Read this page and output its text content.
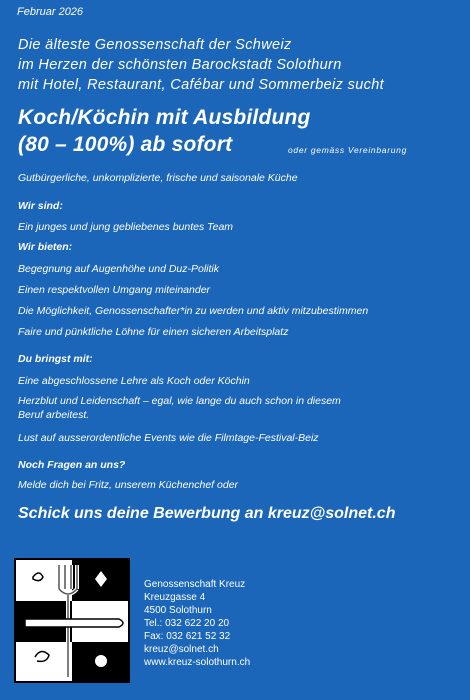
Februar 2026
Die älteste Genossenschaft der Schweiz
im Herzen der schönsten Barockstadt Solothurn
mit Hotel, Restaurant, Cafébar und Sommerbeiz sucht
Koch/Köchin mit Ausbildung
(80 – 100%) ab sofort	oder gemäss Vereinbarung
Gutbürgerliche, unkomplizierte, frische und saisonale Küche
Wir sind:
Ein junges und jung gebliebenes buntes Team
Wir bieten:
Begegnung auf Augenhöhe und Duz-Politik
Einen respektvollen Umgang miteinander
Die Möglichkeit, Genossenschafter*in zu werden und aktiv mitzubestimmen
Faire und pünktliche Löhne für einen sicheren Arbeitsplatz
Du bringst mit:
Eine abgeschlossene Lehre als Koch oder Köchin
Herzblut und Leidenschaft – egal, wie lange du auch schon in diesem
Beruf arbeitest.
Lust auf ausserordentliche Events wie die Filmtage-Festival-Beiz
Noch Fragen an uns?
Melde dich bei Fritz, unserem Küchenchef oder
Schick uns deine Bewerbung an kreuz@solnet.ch
Genossenschaft Kreuz
Kreuzgasse 4
4500 Solothurn
Tel.: 032 622 20 20
Fax: 032 621 52 32
kreuz@solnet.ch
www.kreuz-solothurn.ch
